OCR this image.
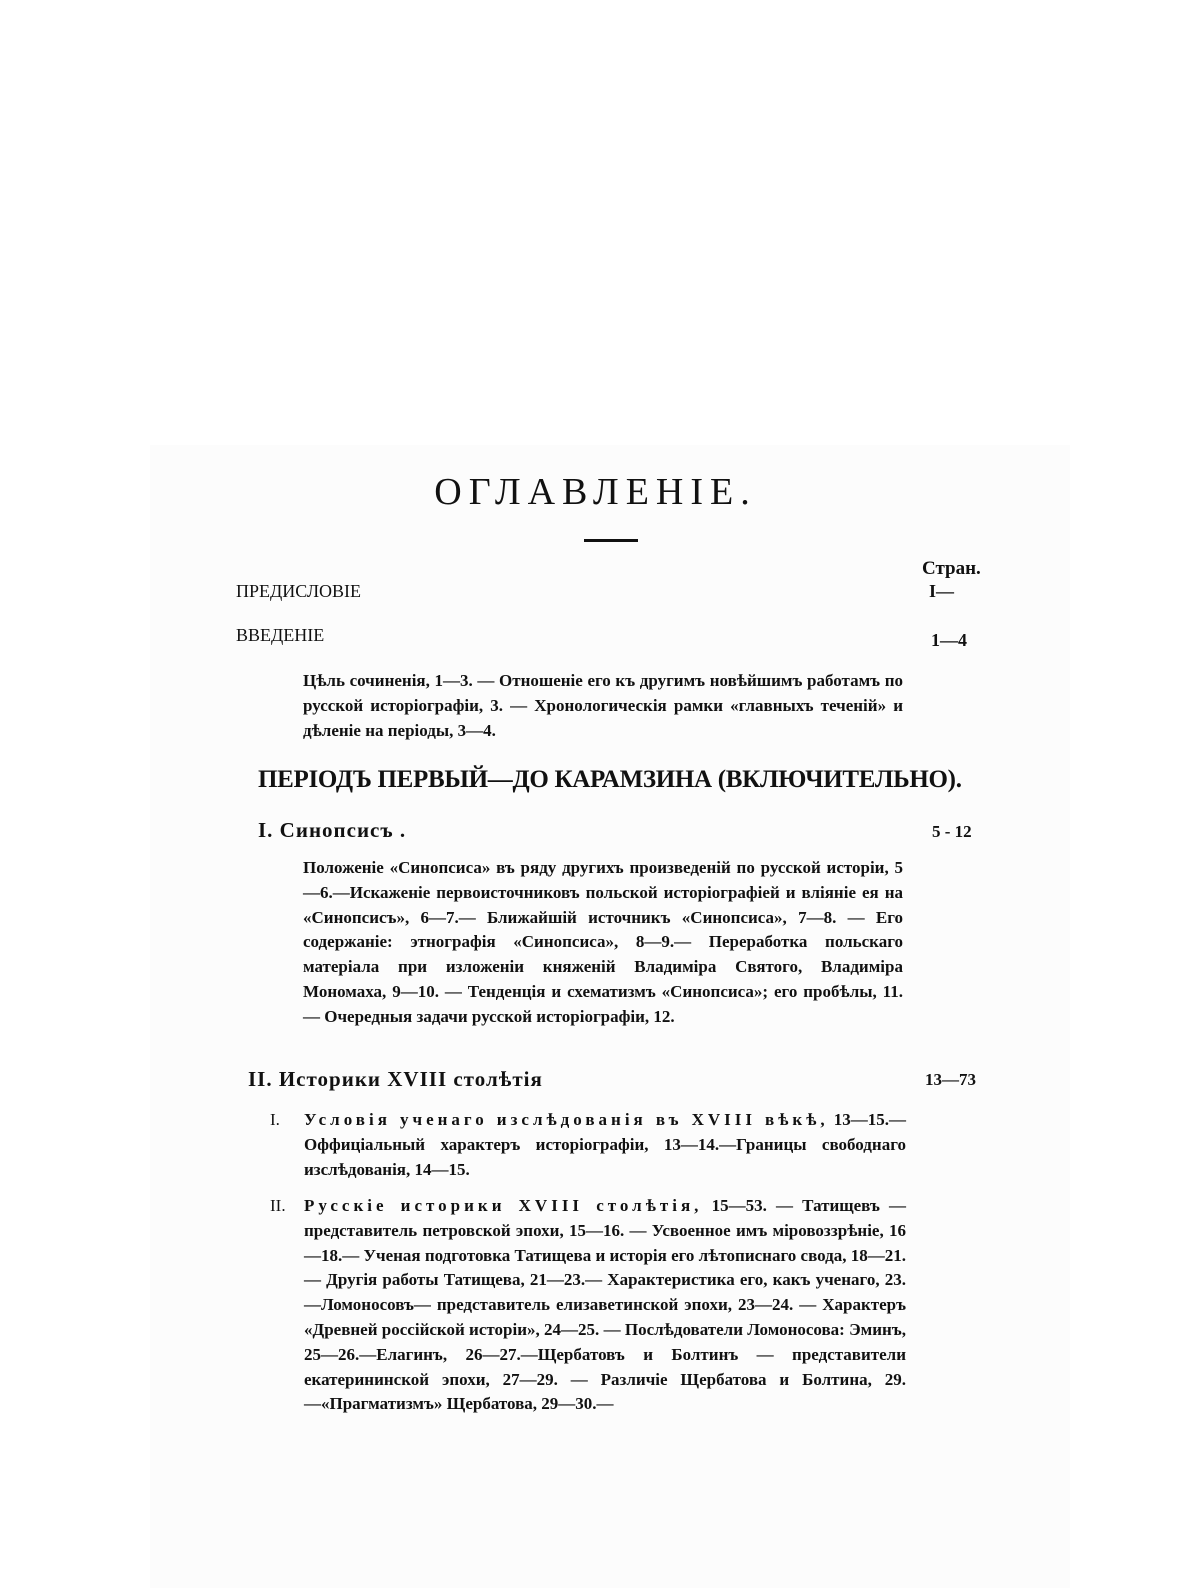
ОГЛАВЛЕНІЕ.
Стран.
ПРЕДИСЛОВІЕ	I—
ВВЕДЕНІЕ	1—4
Цѣль сочиненія, 1—3. — Отношеніе его къ другимъ новѣйшимъ работамъ по русской исторіографіи, 3. — Хронологическія рамки «главныхъ теченій» и дѣленіе на періоды, 3—4.
ПЕРІОДЪ ПЕРВЫЙ—ДО КАРАМЗИНА (ВКЛЮЧИТЕЛЬНО).
I. Синопсисъ .	5 - 12
Положеніе «Синопсиса» въ ряду другихъ произведеній по русской исторіи, 5—6.—Искаженіе первоисточниковъ польской исторіографіей и вліяніе ея на «Синопсисъ», 6—7.— Ближайшій источникъ «Синопсиса», 7—8. — Его содержаніе: этнографія «Синопсиса», 8—9.— Переработка польскаго матеріала при изложеніи княженій Владиміра Святого, Владиміра Мономаха, 9—10. — Тенденція и схематизмъ «Синопсиса»; его пробѣлы, 11. — Очередныя задачи русской исторіографіи, 12.
II. Историки XVIII столѣтія	13—73
I.	Условія ученаго изслѣдованія въ XVIII вѣкѣ, 13—15.—Оффиціальный характеръ исторіографіи, 13—14.—Границы свободнаго изслѣдованія, 14—15.
II.	Русскіе историки XVIII столѣтія, 15—53. — Татищевъ — представитель петровской эпохи, 15—16. — Усвоенное имъ міровоззрѣніе, 16—18.— Ученая подготовка Татищева и исторія его лѣтописнаго свода, 18—21. — Другія работы Татищева, 21—23.— Характеристика его, какъ ученаго, 23.—Ломоносовъ— представитель елизаветинской эпохи, 23—24. — Характеръ «Древней россійской исторіи», 24—25. — Послѣдователи Ломоносова: Эминъ, 25—26.—Елагинъ, 26—27.—Щербатовъ и Болтинъ — представители екатерининской эпохи, 27—29. — Различіе Щербатова и Болтина, 29. —«Прагматизмъ» Щербатова, 29—30.—
